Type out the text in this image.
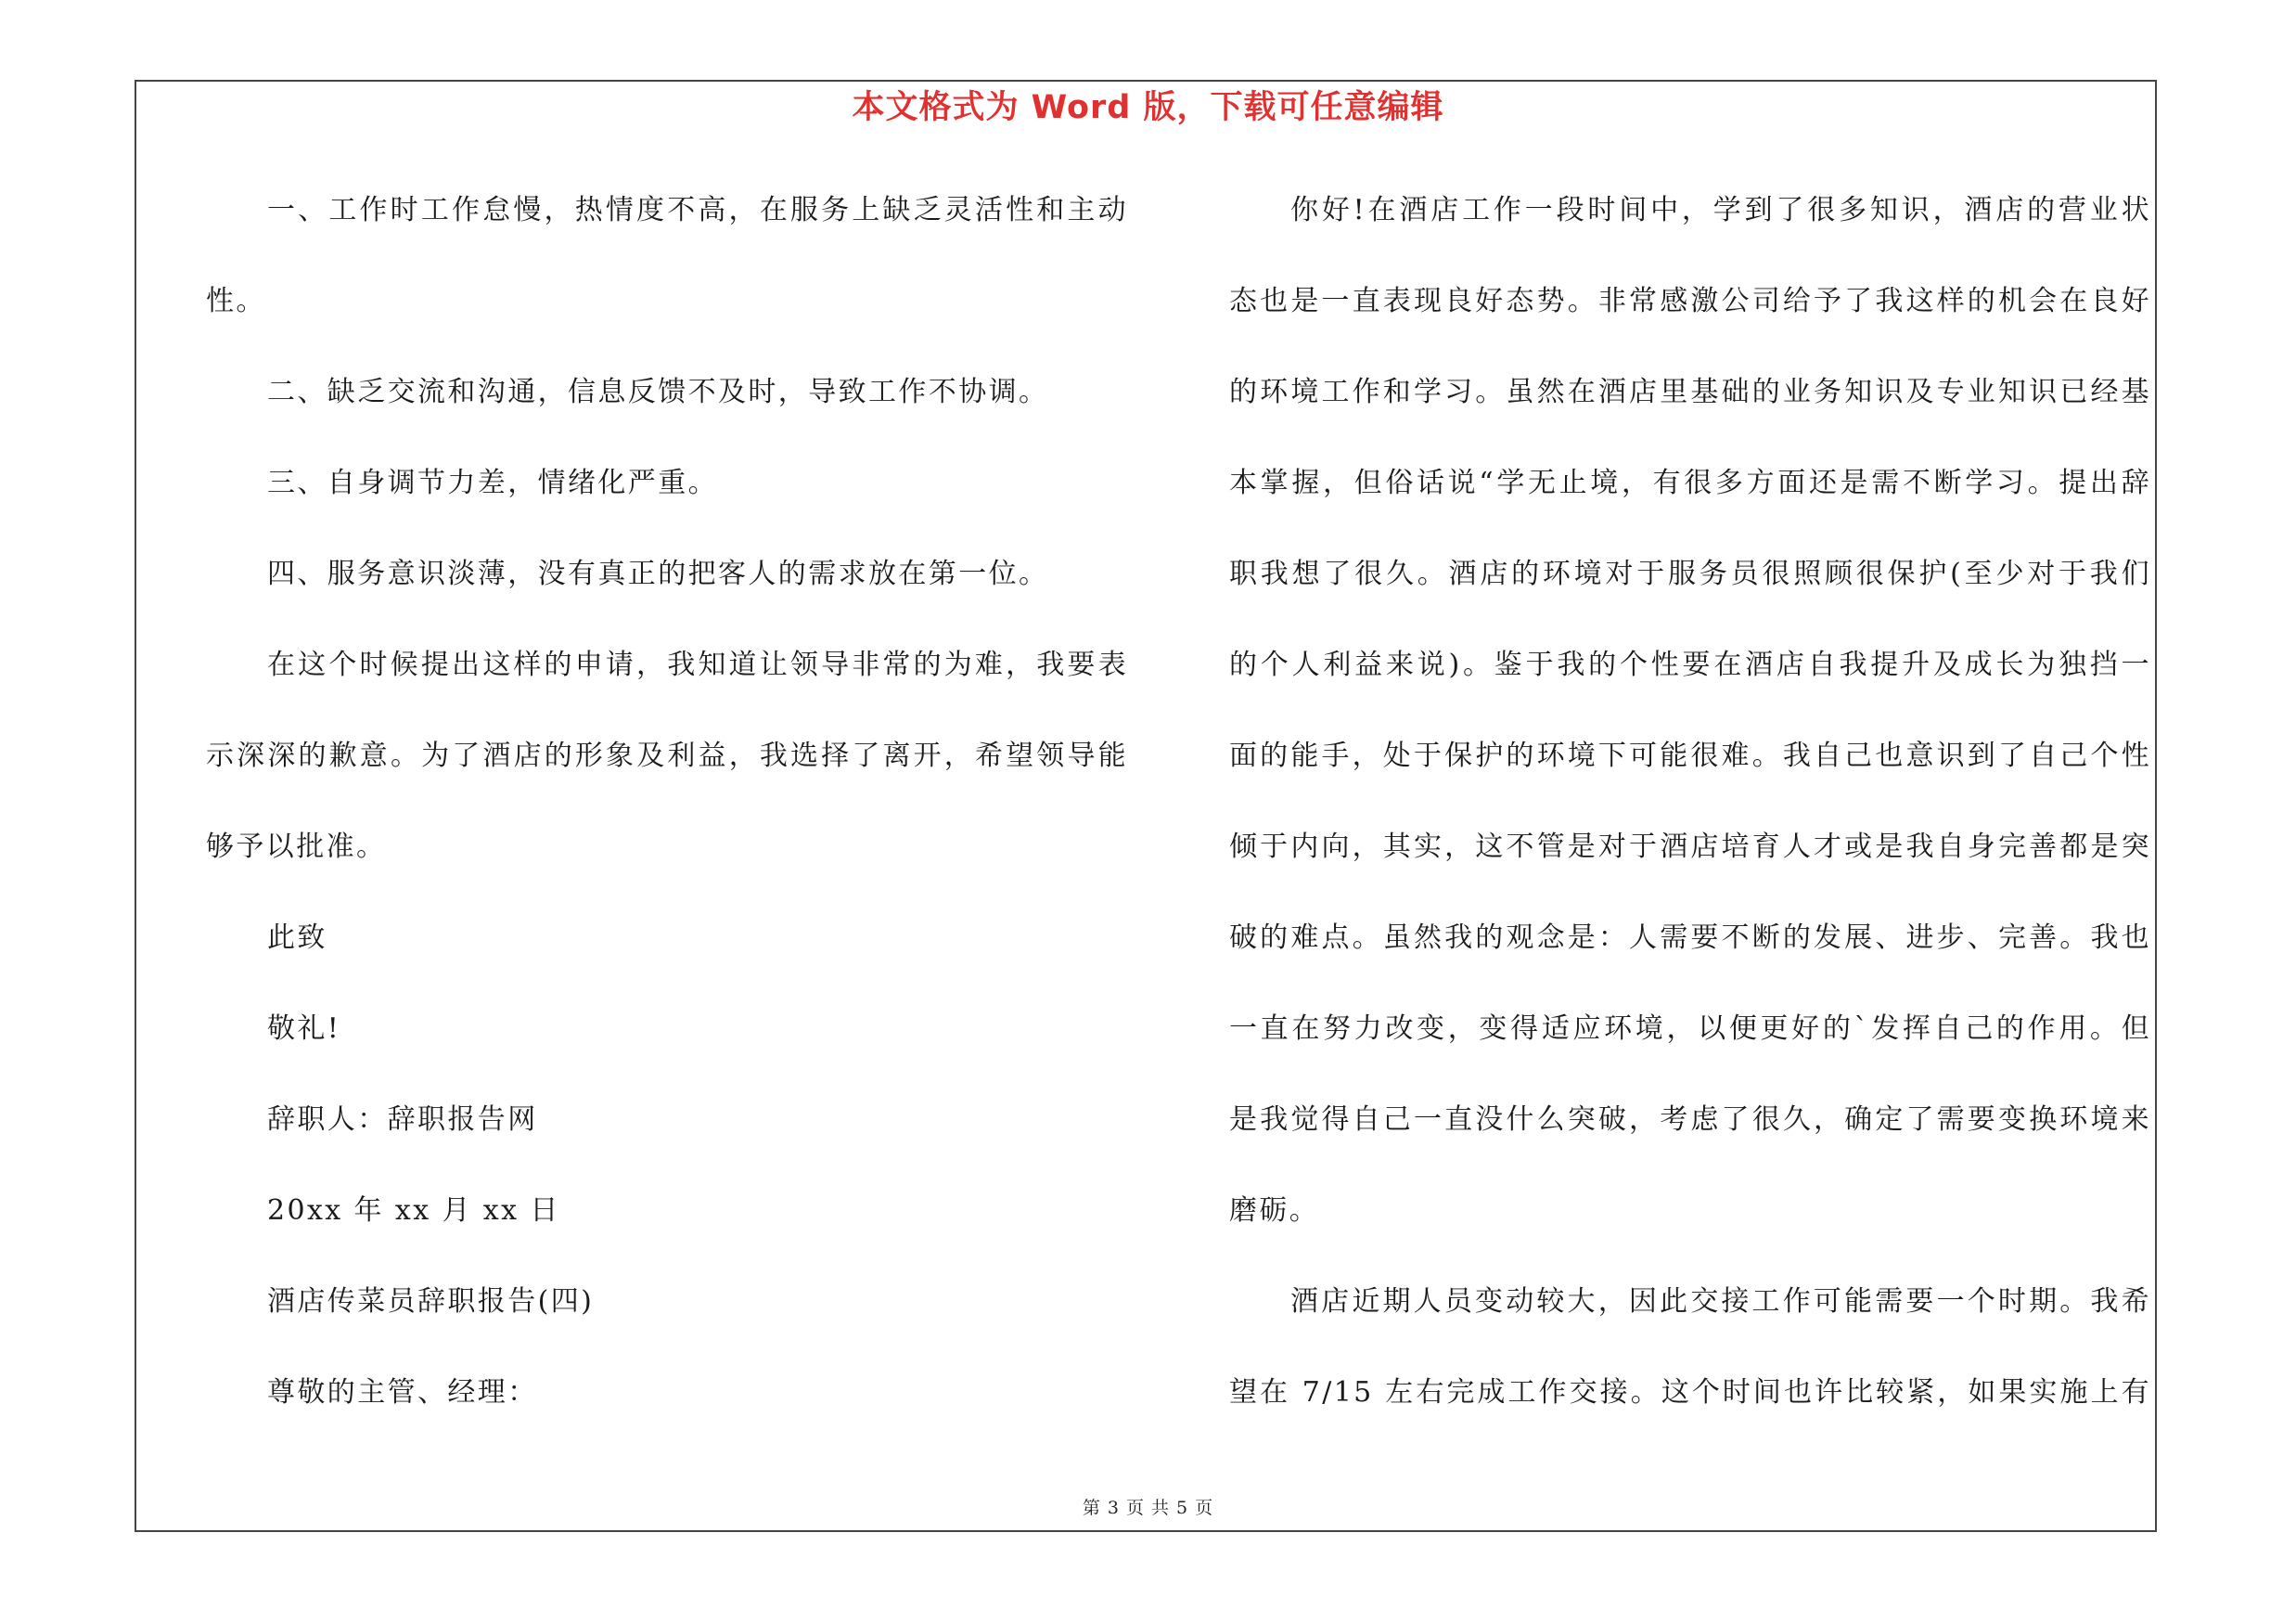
本文格式为 Word 版，下载可任意编辑
一、工作时工作怠慢，热情度不高，在服务上缺乏灵活性和主动
性。
二、缺乏交流和沟通，信息反馈不及时，导致工作不协调。
三、自身调节力差，情绪化严重。
四、服务意识淡薄，没有真正的把客人的需求放在第一位。
在这个时候提出这样的申请，我知道让领导非常的为难，我要表
示深深的歉意。为了酒店的形象及利益，我选择了离开，希望领导能
够予以批准。
此致
敬礼!
辞职人：辞职报告网
20xx 年 xx 月 xx 日
酒店传菜员辞职报告(四)
尊敬的主管、经理：
你好!在酒店工作一段时间中，学到了很多知识，酒店的营业状
态也是一直表现良好态势。非常感激公司给予了我这样的机会在良好
的环境工作和学习。虽然在酒店里基础的业务知识及专业知识已经基
本掌握，但俗话说“学无止境，有很多方面还是需不断学习。提出辞
职我想了很久。酒店的环境对于服务员很照顾很保护(至少对于我们
的个人利益来说)。鉴于我的个性要在酒店自我提升及成长为独挡一
面的能手，处于保护的环境下可能很难。我自己也意识到了自己个性
倾于内向，其实，这不管是对于酒店培育人才或是我自身完善都是突
破的难点。虽然我的观念是：人需要不断的发展、进步、完善。我也
一直在努力改变，变得适应环境，以便更好的`发挥自己的作用。但
是我觉得自己一直没什么突破，考虑了很久，确定了需要变换环境来
磨砺。
酒店近期人员变动较大，因此交接工作可能需要一个时期。我希
望在 7/15 左右完成工作交接。这个时间也许比较紧，如果实施上有
第 3 页 共 5 页
